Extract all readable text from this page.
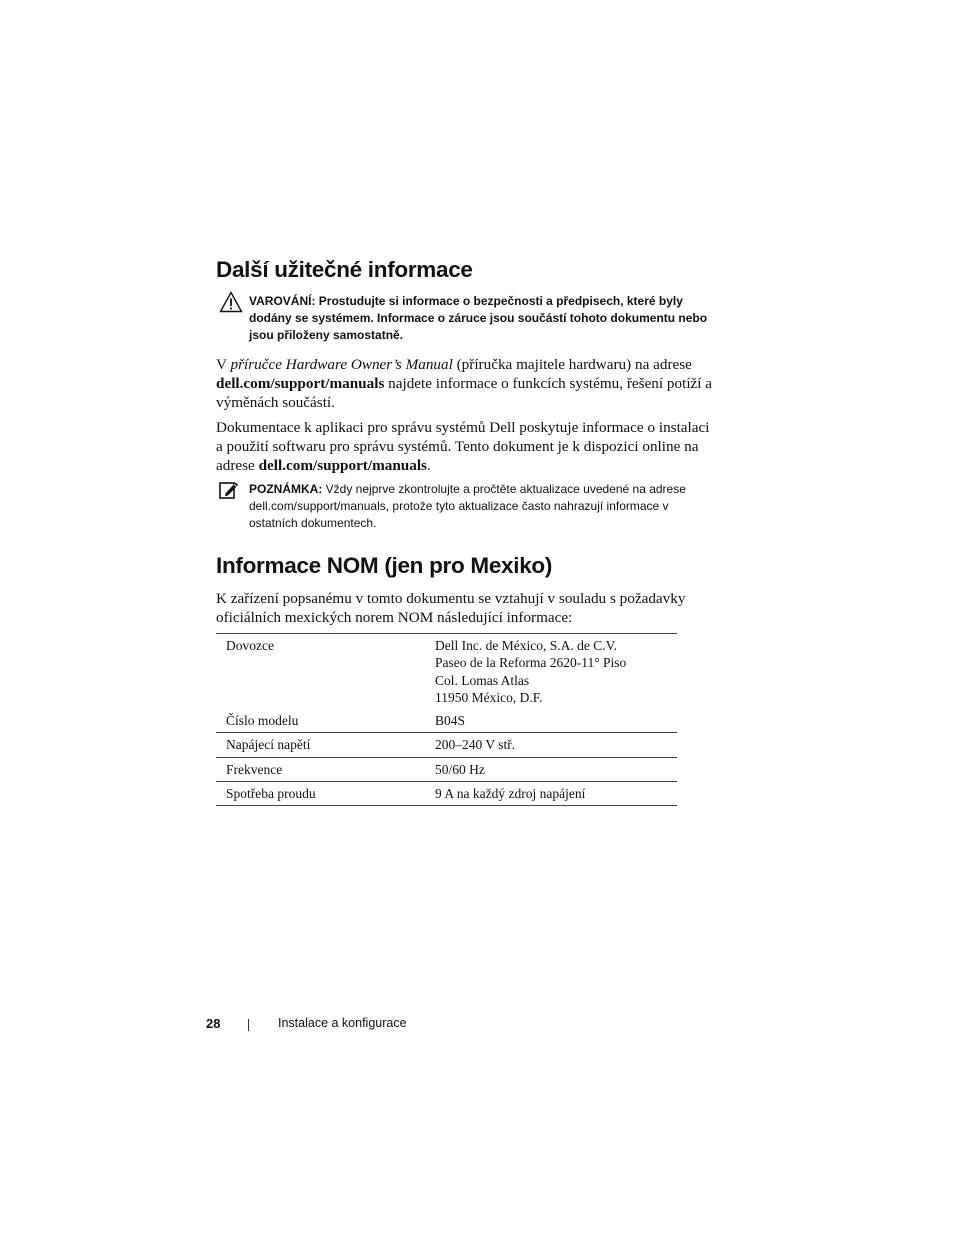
Další užitečné informace
VAROVÁNÍ: Prostudujte si informace o bezpečnosti a předpisech, které byly dodány se systémem. Informace o záruce jsou součástí tohoto dokumentu nebo jsou přiloženy samostatně.

V příručce Hardware Owner’s Manual (příručka majitele hardwaru) na adrese dell.com/support/manuals najdete informace o funkcích systému, řešení potíží a výměnách součástí.

Dokumentace k aplikaci pro správu systémů Dell poskytuje informace o instalaci a použití softwaru pro správu systémů. Tento dokument je k dispozici online na adrese dell.com/support/manuals.

POZNÁMKA: Vždy nejprve zkontrolujte a pročtěte aktualizace uvedené na adrese dell.com/support/manuals, protože tyto aktualizace často nahrazují informace v ostatních dokumentech.
Informace NOM (jen pro Mexiko)

K zařízení popsanému v tomto dokumentu se vztahují v souladu s požadavky oficiálních mexických norem NOM následující informace:

Dovozce	Dell Inc. de México, S.A. de C.V.
Paseo de la Reforma 2620-11° Piso
Col. Lomas Atlas
11950 México, D.F.

Číslo modelu	B04S
Napájecí napětí	200–240 V stř.
Frekvence	50/60 Hz
Spotřeba proudu	9 A na každý zdroj napájení
28	Instalace a konfigurace
